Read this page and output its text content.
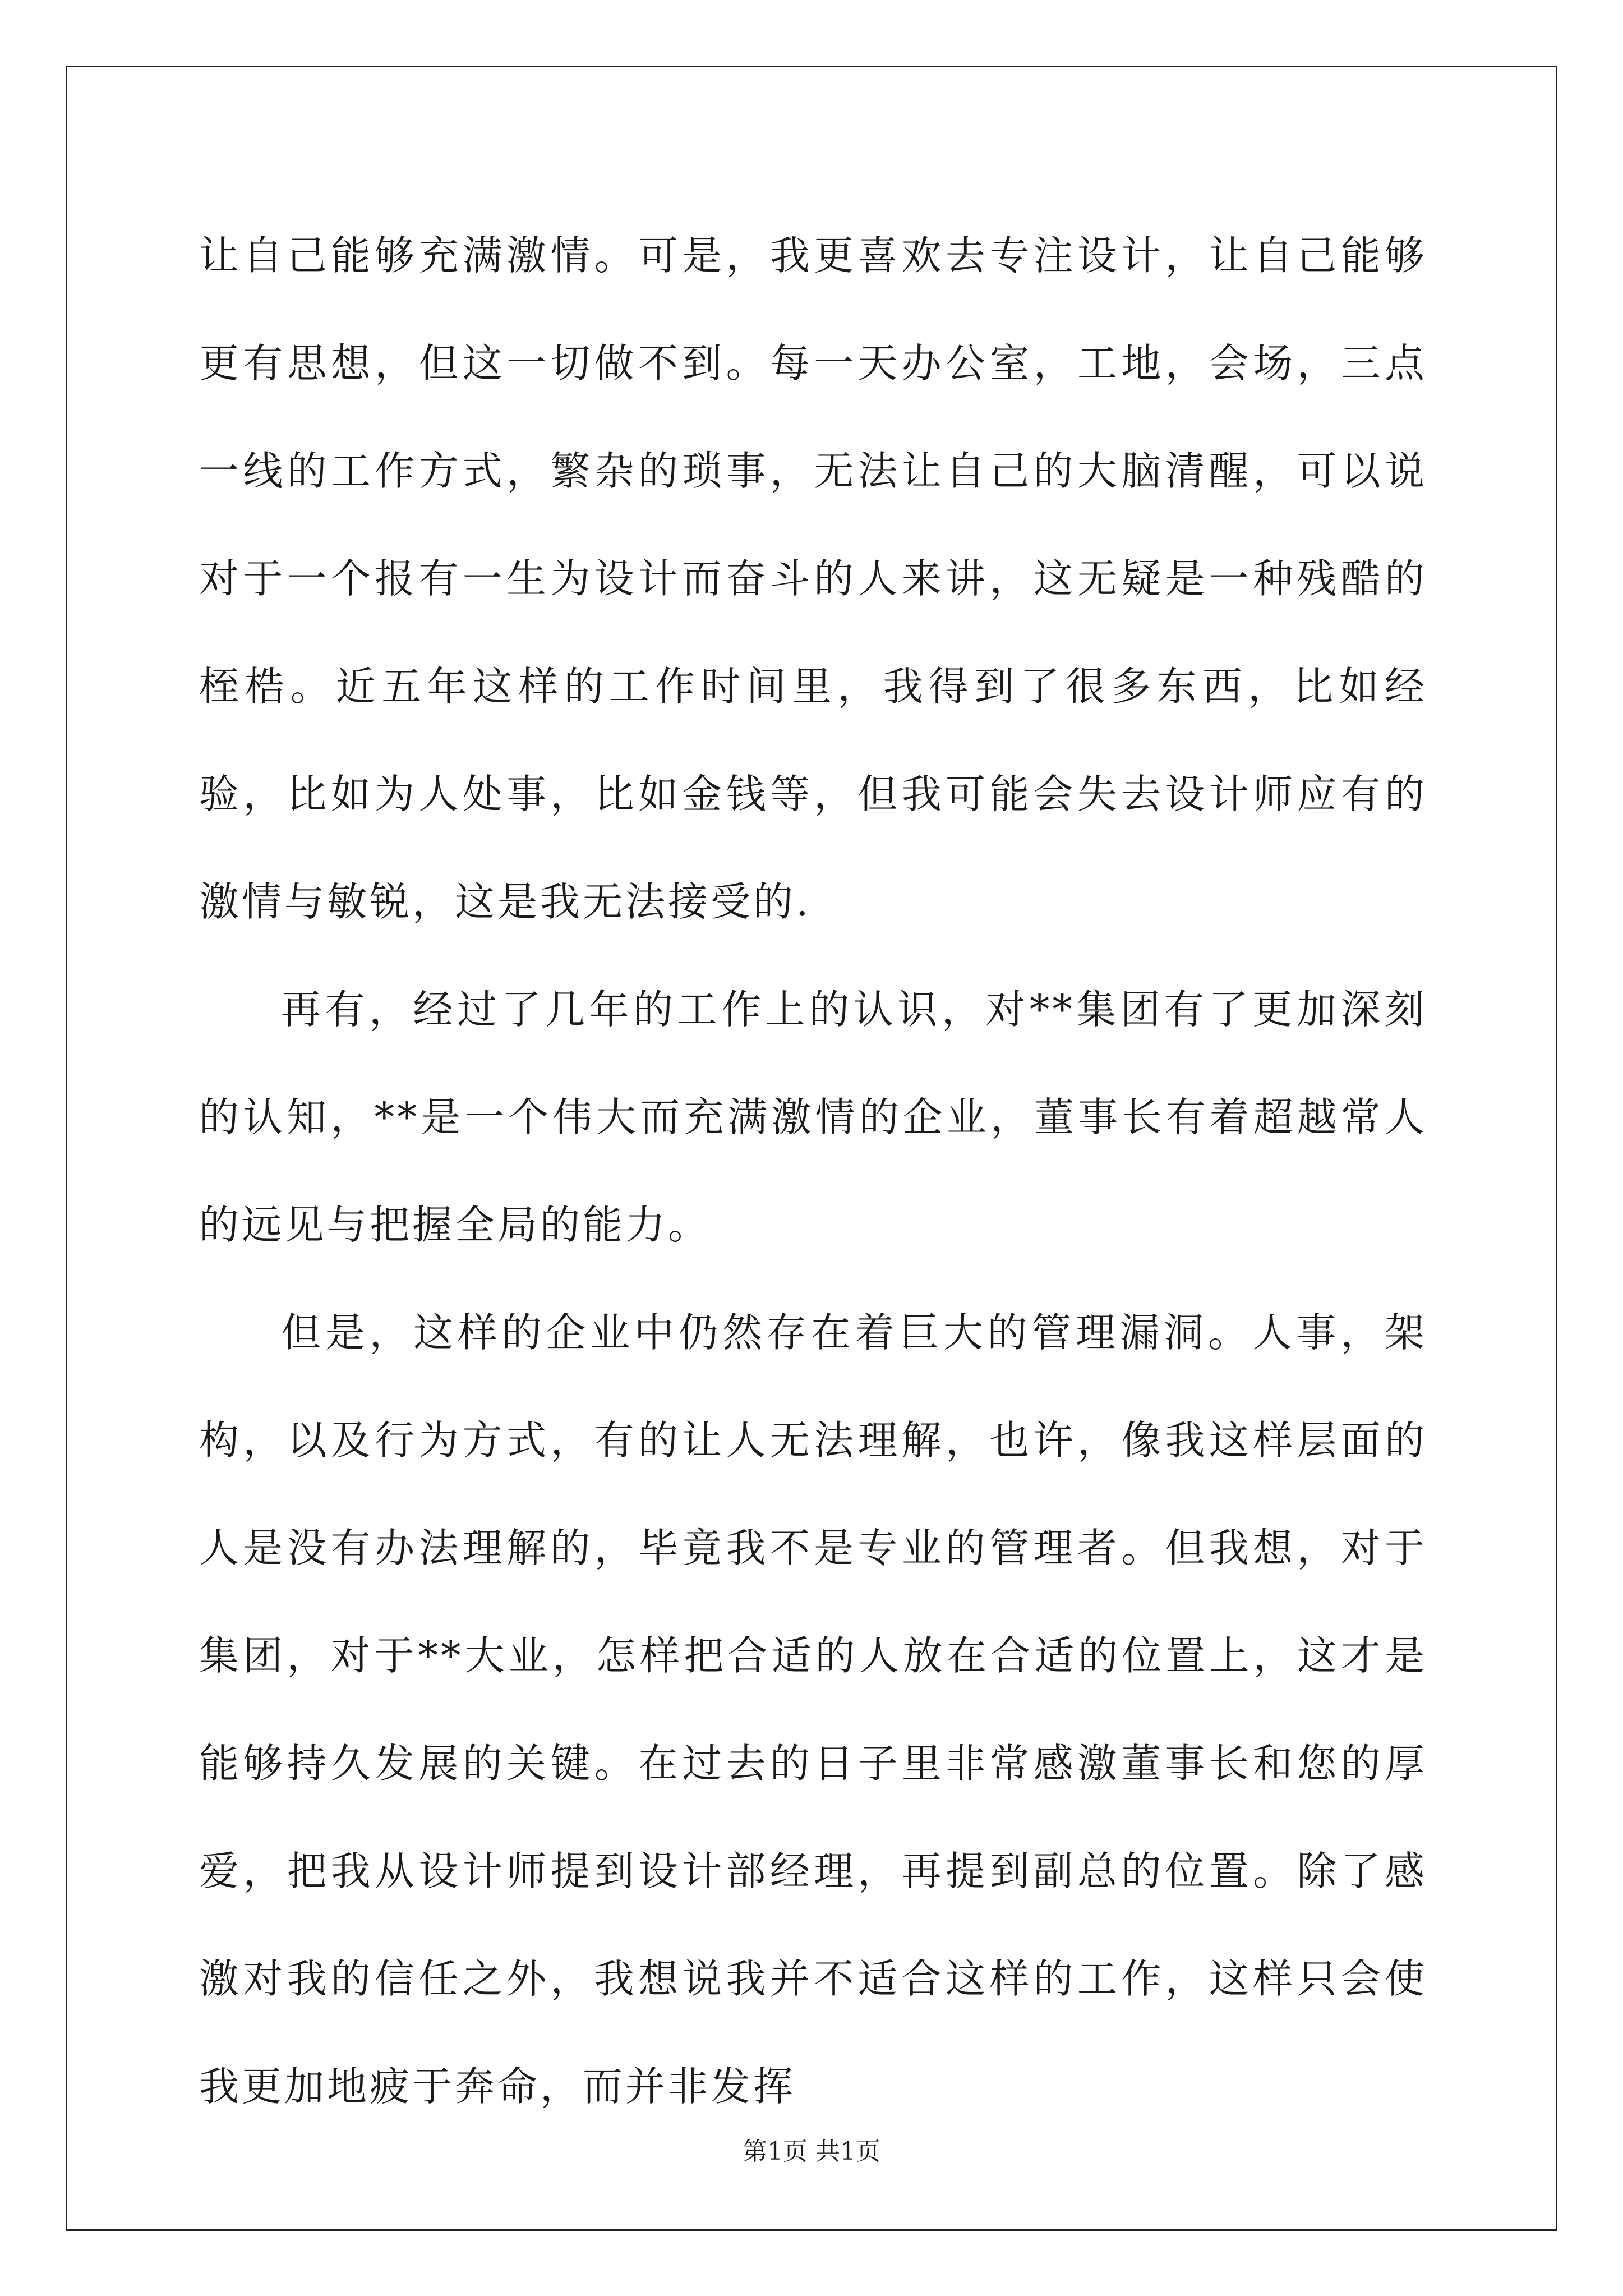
让自己能够充满激情。可是，我更喜欢去专注设计，让自己能够更有思想，但这一切做不到。每一天办公室，工地，会场，三点一线的工作方式，繁杂的琐事，无法让自己的大脑清醒，可以说对于一个报有一生为设计而奋斗的人来讲，这无疑是一种残酷的桎梏。近五年这样的工作时间里，我得到了很多东西，比如经验，比如为人处事，比如金钱等，但我可能会失去设计师应有的激情与敏锐，这是我无法接受的.

再有，经过了几年的工作上的认识，对**集团有了更加深刻的认知，**是一个伟大而充满激情的企业，董事长有着超越常人的远见与把握全局的能力。

但是，这样的企业中仍然存在着巨大的管理漏洞。人事，架构，以及行为方式，有的让人无法理解，也许，像我这样层面的人是没有办法理解的，毕竟我不是专业的管理者。但我想，对于集团，对于**大业，怎样把合适的人放在合适的位置上，这才是能够持久发展的关键。在过去的日子里非常感激董事长和您的厚爱，把我从设计师提到设计部经理，再提到副总的位置。除了感激对我的信任之外，我想说我并不适合这样的工作，这样只会使我更加地疲于奔命，而并非发挥

第1页 共1页
